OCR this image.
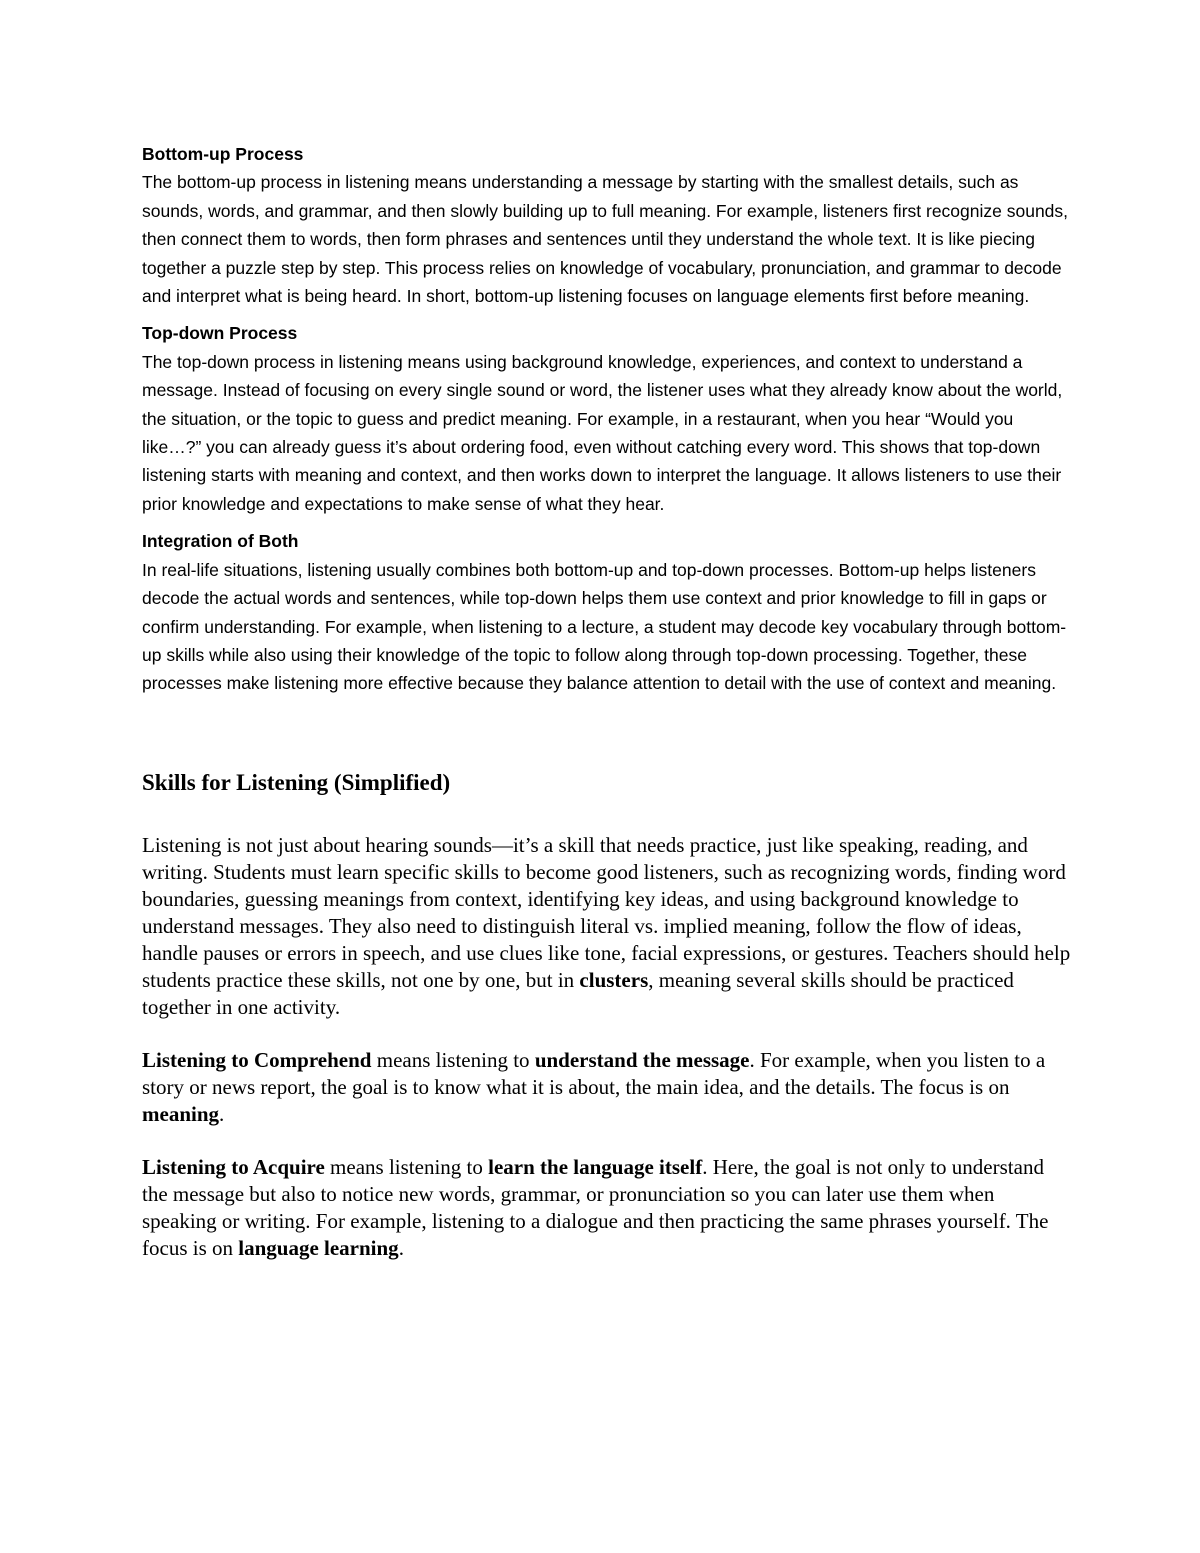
Bottom-up Process

The bottom-up process in listening means understanding a message by starting with the smallest details, such as sounds, words, and grammar, and then slowly building up to full meaning. For example, listeners first recognize sounds, then connect them to words, then form phrases and sentences until they understand the whole text. It is like piecing together a puzzle step by step. This process relies on knowledge of vocabulary, pronunciation, and grammar to decode and interpret what is being heard. In short, bottom-up listening focuses on language elements first before meaning.

Top-down Process

The top-down process in listening means using background knowledge, experiences, and context to understand a message. Instead of focusing on every single sound or word, the listener uses what they already know about the world, the situation, or the topic to guess and predict meaning. For example, in a restaurant, when you hear “Would you like…?” you can already guess it’s about ordering food, even without catching every word. This shows that top-down listening starts with meaning and context, and then works down to interpret the language. It allows listeners to use their prior knowledge and expectations to make sense of what they hear.

Integration of Both

In real-life situations, listening usually combines both bottom-up and top-down processes. Bottom-up helps listeners decode the actual words and sentences, while top-down helps them use context and prior knowledge to fill in gaps or confirm understanding. For example, when listening to a lecture, a student may decode key vocabulary through bottom-up skills while also using their knowledge of the topic to follow along through top-down processing. Together, these processes make listening more effective because they balance attention to detail with the use of context and meaning.

Skills for Listening (Simplified)

Listening is not just about hearing sounds—it’s a skill that needs practice, just like speaking, reading, and writing. Students must learn specific skills to become good listeners, such as recognizing words, finding word boundaries, guessing meanings from context, identifying key ideas, and using background knowledge to understand messages. They also need to distinguish literal vs. implied meaning, follow the flow of ideas, handle pauses or errors in speech, and use clues like tone, facial expressions, or gestures. Teachers should help students practice these skills, not one by one, but in clusters, meaning several skills should be practiced together in one activity.

Listening to Comprehend means listening to understand the message. For example, when you listen to a story or news report, the goal is to know what it is about, the main idea, and the details. The focus is on meaning.

Listening to Acquire means listening to learn the language itself. Here, the goal is not only to understand the message but also to notice new words, grammar, or pronunciation so you can later use them when speaking or writing. For example, listening to a dialogue and then practicing the same phrases yourself. The focus is on language learning.
